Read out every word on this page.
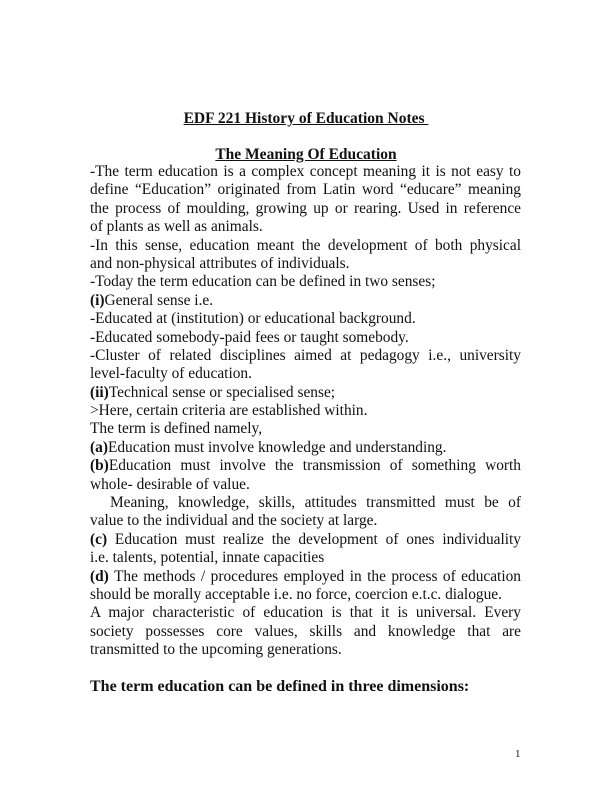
EDF 221 History of Education Notes
The Meaning Of Education
-The term education is a complex concept meaning it is not easy to
define “Education” originated from Latin word “educare” meaning
the process of moulding, growing up or rearing. Used in reference
of plants as well as animals.
-In this sense, education meant the development of both physical
and non-physical attributes of individuals.
-Today the term education can be defined in two senses;
(i)General sense i.e.
-Educated at (institution) or educational background.
-Educated somebody-paid fees or taught somebody.
-Cluster of related disciplines aimed at pedagogy i.e., university
level-faculty of education.
(ii)Technical sense or specialised sense;
>Here, certain criteria are established within.
The term is defined namely,
(a)Education must involve knowledge and understanding.
(b)Education must involve the transmission of something worth
whole- desirable of value.
Meaning, knowledge, skills, attitudes transmitted must be of
value to the individual and the society at large.
(c) Education must realize the development of ones individuality
i.e. talents, potential, innate capacities
(d) The methods / procedures employed in the process of education
should be morally acceptable i.e. no force, coercion e.t.c. dialogue.
A major characteristic of education is that it is universal. Every
society possesses core values, skills and knowledge that are
transmitted to the upcoming generations.
The term education can be defined in three dimensions:
1
